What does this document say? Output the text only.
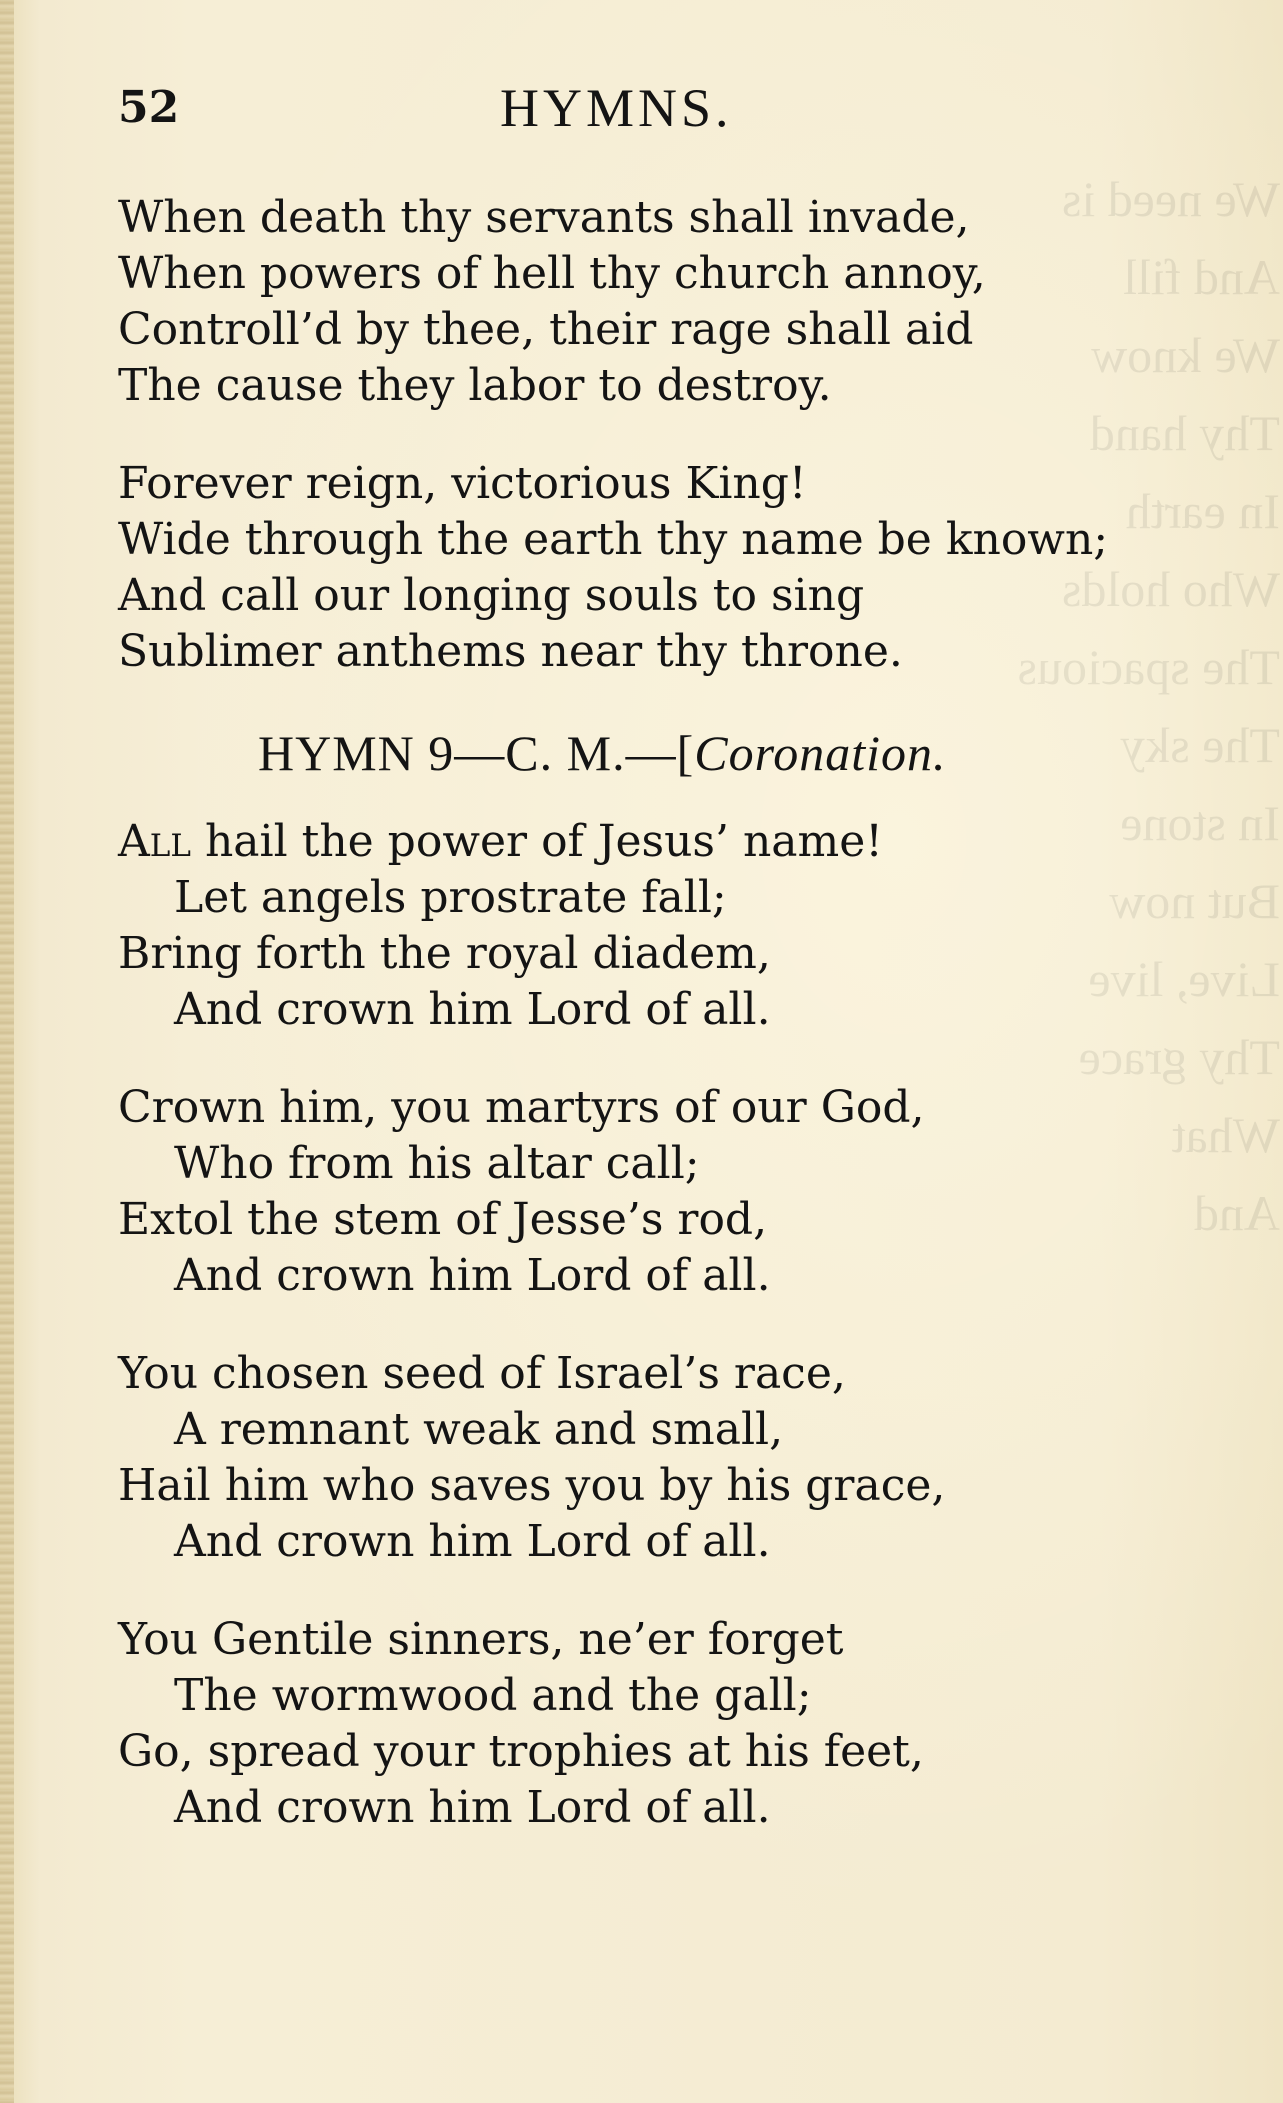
We need is
And fill
We know
Thy hand
In earth
Who holds
The spacious
The sky
In stone
But now
Live, live
Thy grace
What
And
52	HYMNS.
When death thy servants shall invade,
When powers of hell thy church annoy,
Controll’d by thee, their rage shall aid
The cause they labor to destroy.
Forever reign, victorious King!
Wide through the earth thy name be known;
And call our longing souls to sing
Sublimer anthems near thy throne.
HYMN 9—C. M.—[Coronation.
All hail the power of Jesus’ name!
Let angels prostrate fall;
Bring forth the royal diadem,
And crown him Lord of all.
Crown him, you martyrs of our God,
Who from his altar call;
Extol the stem of Jesse’s rod,
And crown him Lord of all.
You chosen seed of Israel’s race,
A remnant weak and small,
Hail him who saves you by his grace,
And crown him Lord of all.
You Gentile sinners, ne’er forget
The wormwood and the gall;
Go, spread your trophies at his feet,
And crown him Lord of all.
